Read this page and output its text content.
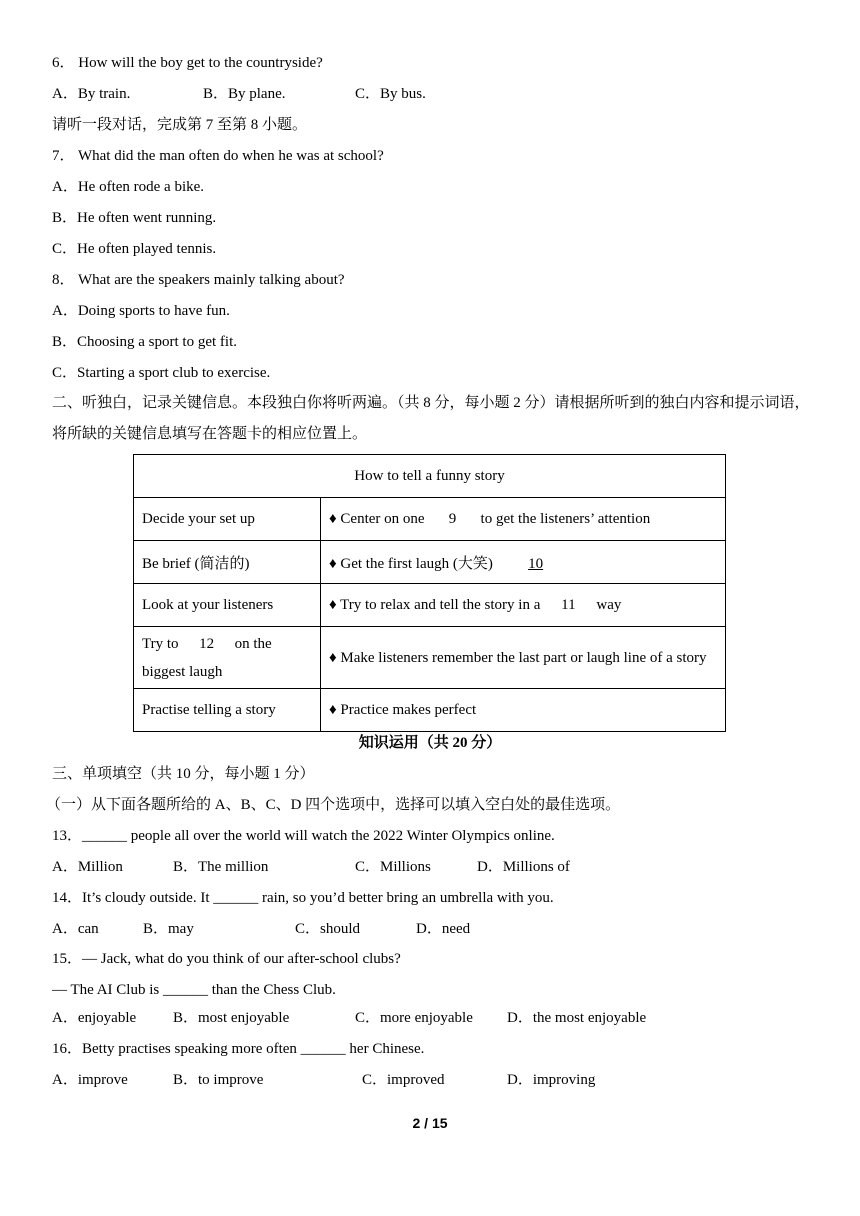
6． How will the boy get to the countryside?
A．By train.	B．By plane.	C．By bus.
请听一段对话，完成第 7 至第 8 小题。
7． What did the man often do when he was at school?
A．He often rode a bike.
B．He often went running.
C．He often played tennis.
8． What are the speakers mainly talking about?
A．Doing sports to have fun.
B．Choosing a sport to get fit.
C．Starting a sport club to exercise.
二、听独白，记录关键信息。本段独白你将听两遍。（共 8 分，每小题 2 分）请根据所听到的独白内容和提示词语，将所缺的关键信息填写在答题卡的相应位置上。
How to tell a funny story	
Decide your set up	♦ Center on one 9 to get the listeners’ attention
Be brief (简洁的)	♦ Get the first laugh (大笑) 10
Look at your listeners	♦ Try to relax and tell the story in a 11 way
Try to 12 on the biggest laugh	♦ Make listeners remember the last part or laugh line of a story
Practise telling a story	♦ Practice makes perfect
知识运用（共 20 分）
三、单项填空（共 10 分，每小题 1 分）
（一）从下面各题所给的 A、B、C、D 四个选项中，选择可以填入空白处的最佳选项。
13．______ people all over the world will watch the 2022 Winter Olympics online.
A．Million	B．The million	C．Millions	D．Millions of
14．It’s cloudy outside. It ______ rain, so you’d better bring an umbrella with you.
A．can	B．may	C．should	D．need
15．— Jack, what do you think of our after-school clubs?
— The AI Club is ______ than the Chess Club.
A．enjoyable B．most enjoyable	C．more enjoyable D．the most enjoyable
16．Betty practises speaking more often ______ her Chinese.
A．improve	B．to improve	C．improved	D．improving
2 / 15
